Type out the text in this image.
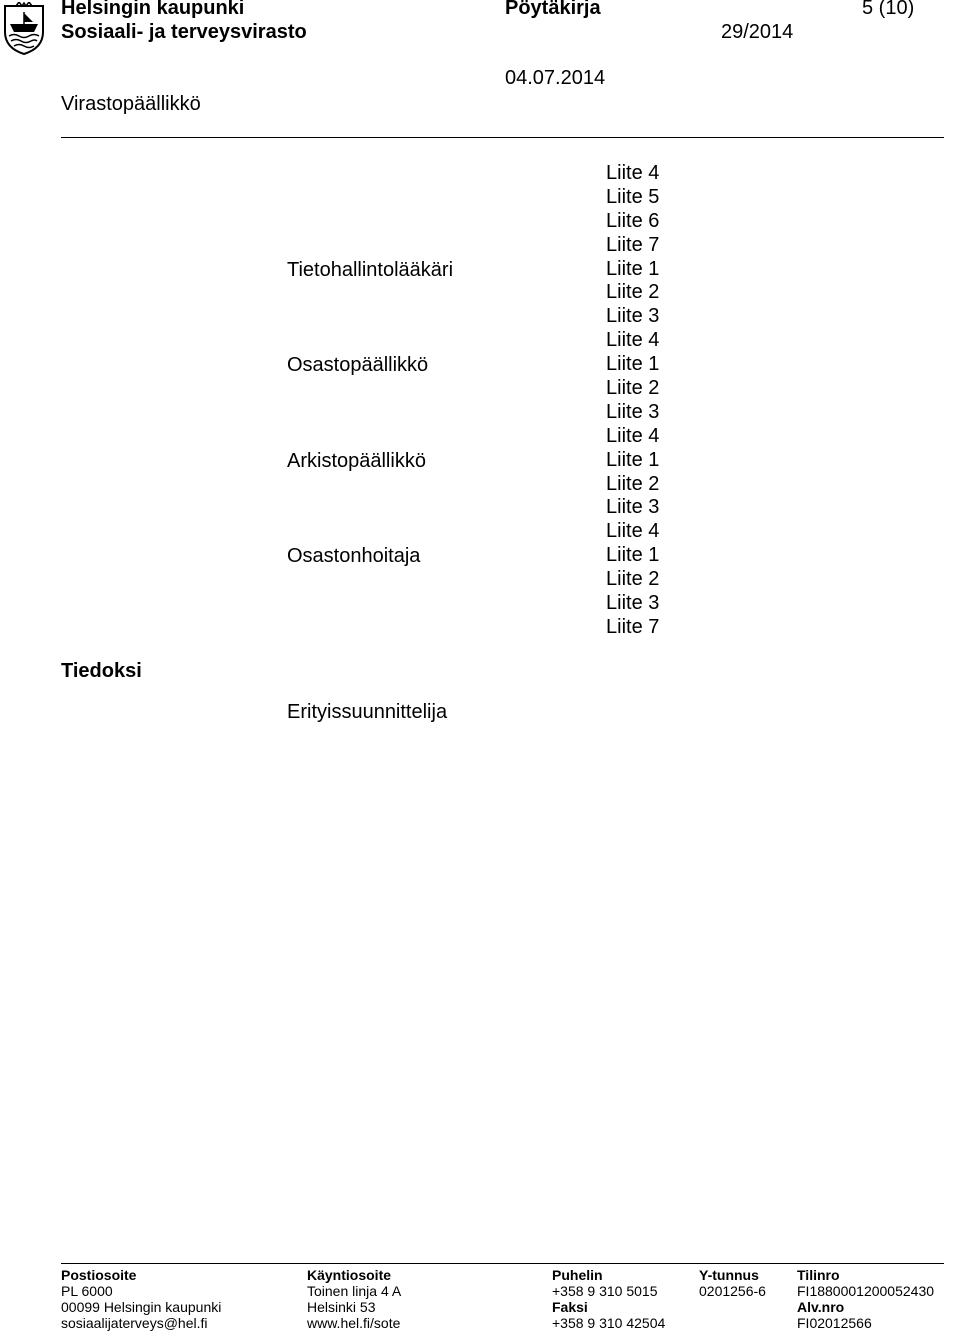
Helsingin kaupunki
Sosiaali- ja terveysvirasto
Pöytäkirja
29/2014
5 (10)
04.07.2014
Virastopäällikkö
Liite 4
Liite 5
Liite 6
Liite 7
Liite 1
Liite 2
Liite 3
Liite 4
Liite 1
Liite 2
Liite 3
Liite 4
Liite 1
Liite 2
Liite 3
Liite 4
Liite 1
Liite 2
Liite 3
Liite 7
Tietohallintolääkäri
Osastopäällikkö
Arkistopäällikkö
Osastonhoitaja
Tiedoksi
Erityissuunnittelija
Postiosoite
PL 6000
00099 Helsingin kaupunki
sosiaalijaterveys@hel.fi
Käyntiosoite
Toinen linja 4 A
Helsinki 53
www.hel.fi/sote
Puhelin
+358 9 310 5015
Faksi
+358 9 310 42504
Y-tunnus
0201256-6
Tilinro
FI1880001200052430
Alv.nro
FI02012566
